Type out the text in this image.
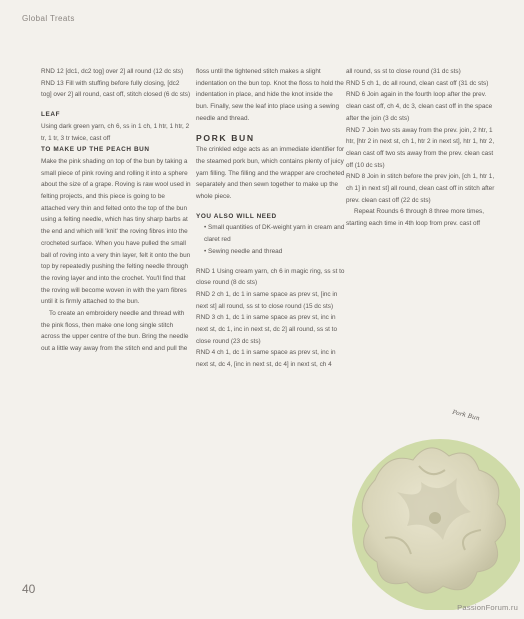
Global Treats

RND 12 [dc1, dc2 tog] over 2] all round (12 dc sts)

RND 13 Fill with stuffing before fully closing, [dc2 tog] over 2] all round, cast off, stitch closed (6 dc sts)

LEAF

Using dark green yarn, ch 6, ss in 1 ch, 1 htr, 1 htr, 2 tr, 1 tr, 3 tr twice, cast off

TO MAKE UP THE PEACH BUN

Make the pink shading on top of the bun by taking a small piece of pink roving and rolling it into a sphere about the size of a grape. Roving is raw wool used in felting projects, and this piece is going to be attached very thin and felted onto the top of the bun using a felting needle, which has tiny sharp barbs at the end and which will 'knit' the roving fibres into the crocheted surface. When you have pulled the small ball of roving into a very thin layer, felt it onto the bun top by repeatedly pushing the felting needle through the roving layer and into the crochet. You'll find that the roving will become woven in with the yarn fibres until it is firmly attached to the bun.

To create an embroidery needle and thread with the pink floss, then make one long single stitch across the upper centre of the bun. Bring the needle out a little way away from the stitch end and pull the

floss until the tightened stitch makes a slight indentation on the bun top. Knot the floss to hold the indentation in place, and hide the knot inside the bun. Finally, sew the leaf into place using a sewing needle and thread.

PORK BUN

The crinkled edge acts as an immediate identifier for the steamed pork bun, which contains plenty of juicy yarn filling. The filling and the wrapper are crocheted separately and then sewn together to make up the whole piece.

YOU ALSO WILL NEED

• Small quantities of DK-weight yarn in cream and claret red

• Sewing needle and thread

RND 1 Using cream yarn, ch 6 in magic ring, ss st to close round (8 dc sts)

RND 2 ch 1, dc 1 in same space as prev st, [inc in next st] all round, ss st to close round (15 dc sts)

RND 3 ch 1, dc 1 in same space as prev st, inc in next st, dc 1, inc in next st, dc 2] all round, ss st to close round (23 dc sts)

RND 4 ch 1, dc 1 in same space as prev st, inc in next st, dc 4, [inc in next st, dc 4] in next st, ch 4

all round, ss st to close round (31 dc sts)

RND 5 ch 1, dc all round, clean cast off (31 dc sts)

RND 6 Join again in the fourth loop after the prev. clean cast off, ch 4, dc 3, clean cast off in the space after the join (3 dc sts)

RND 7 Join two sts away from the prev. join, 2 htr, 1 htr, [htr 2 in next st, ch 1, htr 2 in next st], htr 1, htr 2, clean cast off two sts away from the prev. clean cast off (10 dc sts)

RND 8 Join in stitch before the prev join, [ch 1, htr 1, ch 1] in next st] all round, clean cast off in stitch after prev. clean cast off (22 dc sts)

Repeat Rounds 6 through 8 three more times, starting each time in 4th loop from prev. cast off

Pork Bun
40
PassionForum.ru
